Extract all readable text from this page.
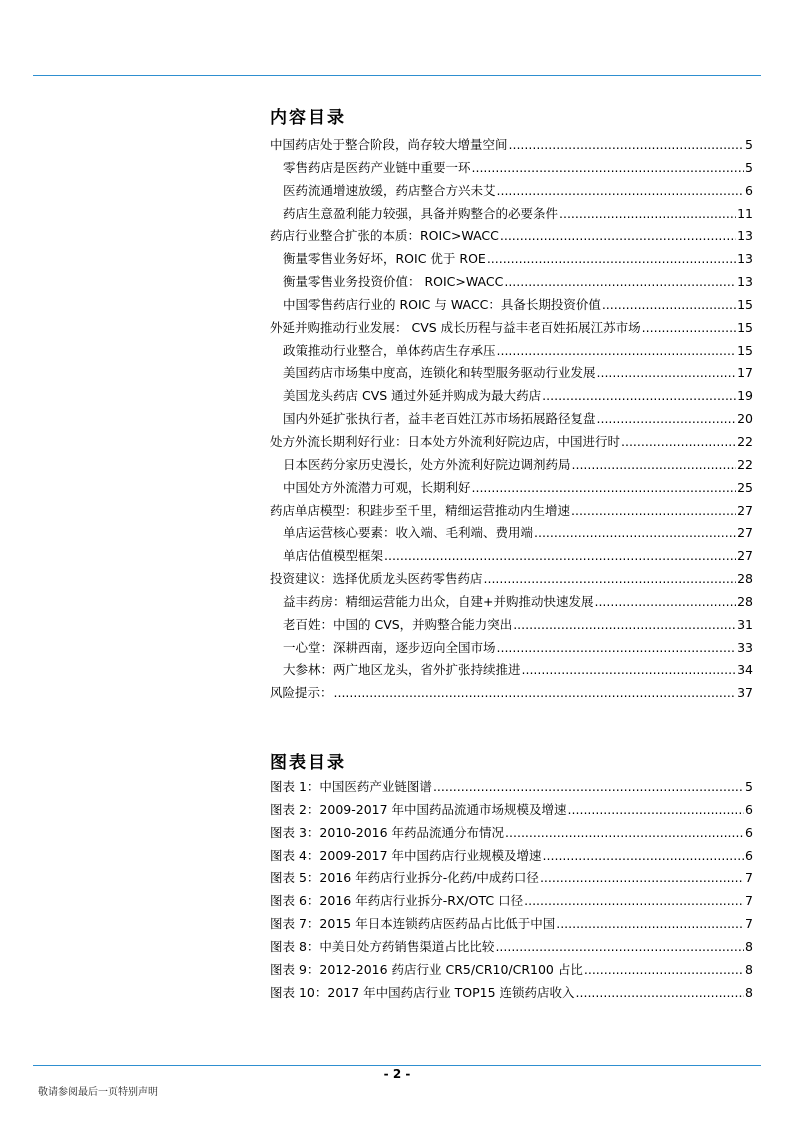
内容目录
中国药店处于整合阶段，尚存较大增量空间 .....	5
零售药店是医药产业链中重要一环 .....	5
医药流通增速放缓，药店整合方兴未艾 .....	6
药店生意盈利能力较强，具备并购整合的必要条件 .....	11
药店行业整合扩张的本质：ROIC>WACC .....	13
衡量零售业务好坏，ROIC 优于 ROE .....	13
衡量零售业务投资价值： ROIC>WACC .....	13
中国零售药店行业的 ROIC 与 WACC：具备长期投资价值 .....	15
外延并购推动行业发展： CVS 成长历程与益丰老百姓拓展江苏市场 .....	15
政策推动行业整合，单体药店生存承压 .....	15
美国药店市场集中度高，连锁化和转型服务驱动行业发展 .....	17
美国龙头药店 CVS 通过外延并购成为最大药店 .....	19
国内外延扩张执行者，益丰老百姓江苏市场拓展路径复盘 .....	20
处方外流长期利好行业：日本处方外流利好院边店，中国进行时 .....	22
日本医药分家历史漫长，处方外流利好院边调剂药局 .....	22
中国处方外流潜力可观，长期利好 .....	25
药店单店模型：积跬步至千里，精细运营推动内生增速 .....	27
单店运营核心要素：收入端、毛利端、费用端 .....	27
单店估值模型框架 .....	27
投资建议：选择优质龙头医药零售药店 .....	28
益丰药房：精细运营能力出众，自建+并购推动快速发展 .....	28
老百姓：中国的 CVS，并购整合能力突出 .....	31
一心堂：深耕西南，逐步迈向全国市场 .....	33
大参林：两广地区龙头，省外扩张持续推进 .....	34
风险提示： .....	37
图表目录
图表 1：中国医药产业链图谱 .....	5
图表 2：2009-2017 年中国药品流通市场规模及增速 .....	6
图表 3：2010-2016 年药品流通分布情况 .....	6
图表 4：2009-2017 年中国药店行业规模及增速 .....	6
图表 5：2016 年药店行业拆分-化药/中成药口径 .....	7
图表 6：2016 年药店行业拆分-RX/OTC 口径 .....	7
图表 7：2015 年日本连锁药店医药品占比低于中国 .....	7
图表 8：中美日处方药销售渠道占比比较 .....	8
图表 9：2012-2016 药店行业 CR5/CR10/CR100 占比 .....	8
图表 10：2017 年中国药店行业 TOP15 连锁药店收入 .....	8
- 2 -
敬请参阅最后一页特别声明
